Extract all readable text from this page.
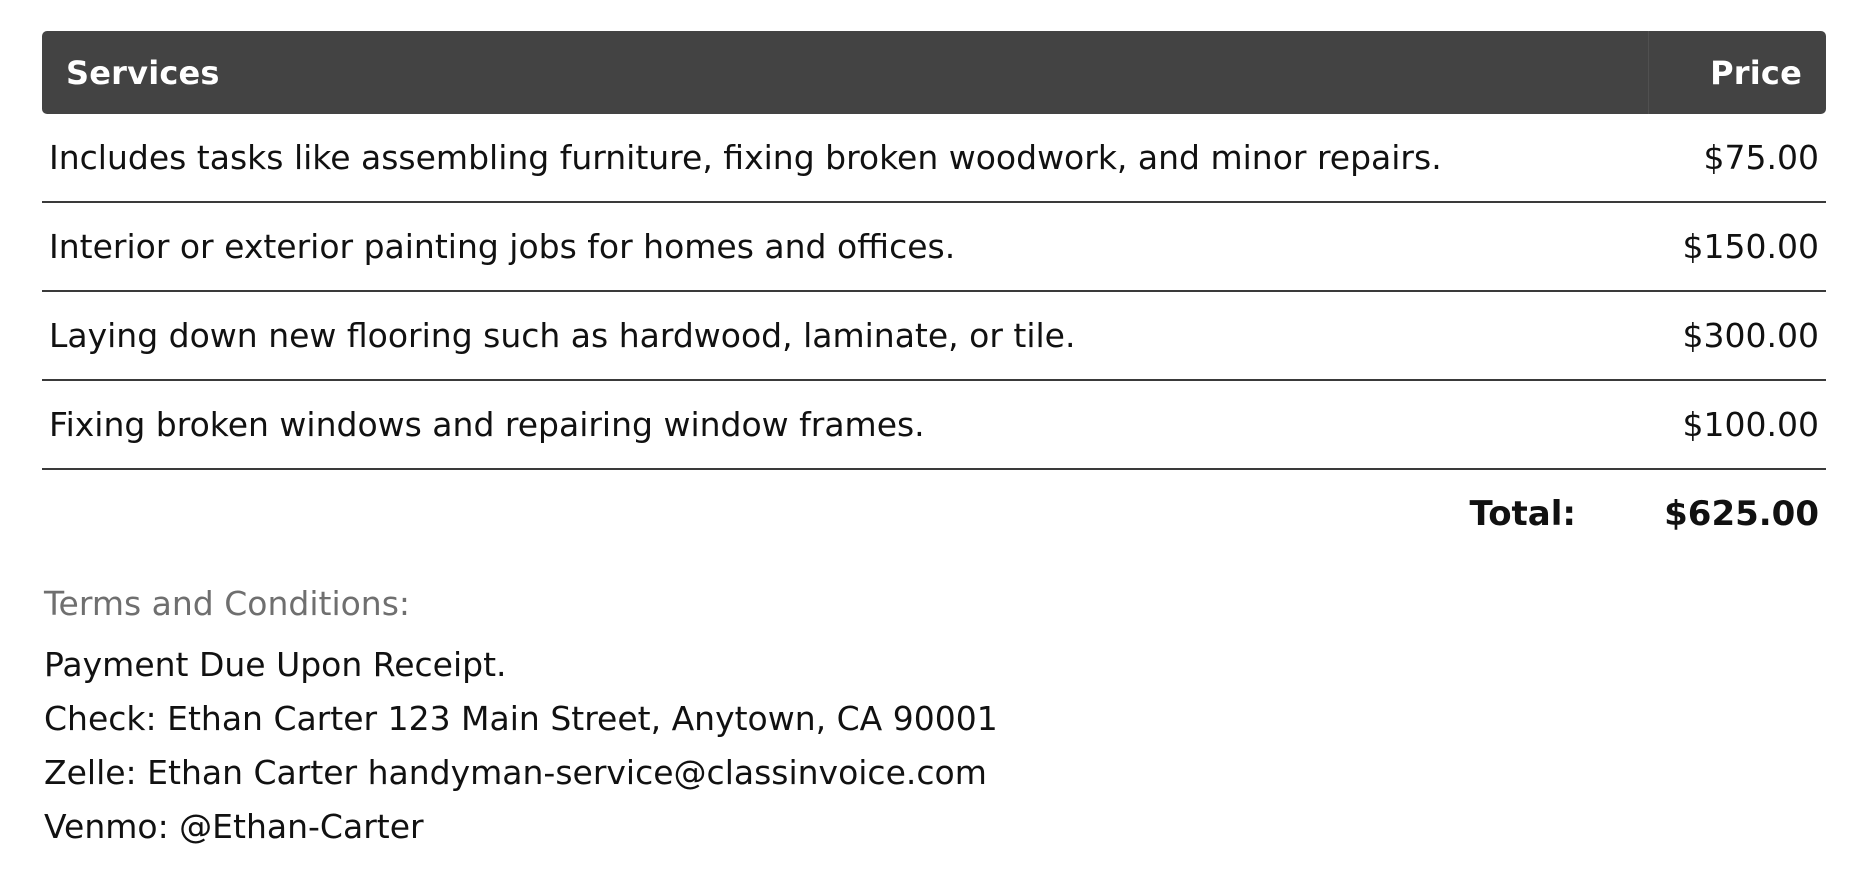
Services	Price
Includes tasks like assembling furniture, fixing broken woodwork, and minor repairs.	$75.00
Interior or exterior painting jobs for homes and offices.	$150.00
Laying down new flooring such as hardwood, laminate, or tile.	$300.00
Fixing broken windows and repairing window frames.	$100.00
Total:	$625.00
Terms and Conditions:
Payment Due Upon Receipt.
Check: Ethan Carter 123 Main Street, Anytown, CA 90001
Zelle: Ethan Carter handyman-service@classinvoice.com
Venmo: @Ethan-Carter
